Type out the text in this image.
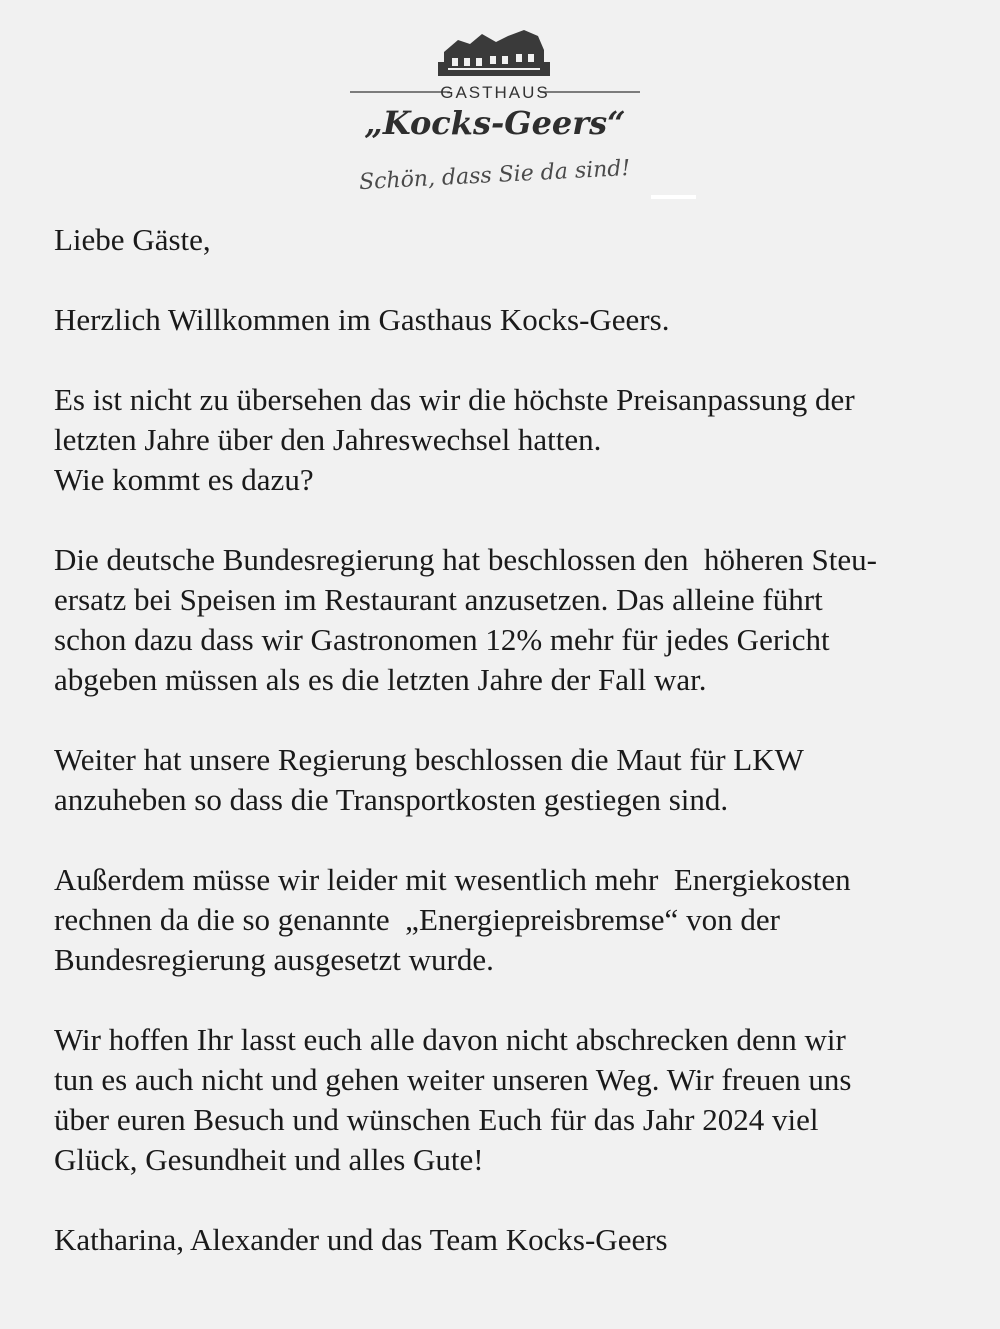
GASTHAUS
„Kocks-Geers“
Schön, dass Sie da sind!

Liebe Gäste,

Herzlich Willkommen im Gasthaus Kocks-Geers.

Es ist nicht zu übersehen das wir die höchste Preisanpassung der
letzten Jahre über den Jahreswechsel hatten.
Wie kommt es dazu?

Die deutsche Bundesregierung hat beschlossen den  höheren Steu-
ersatz bei Speisen im Restaurant anzusetzen. Das alleine führt
schon dazu dass wir Gastronomen 12% mehr für jedes Gericht
abgeben müssen als es die letzten Jahre der Fall war.

Weiter hat unsere Regierung beschlossen die Maut für LKW
anzuheben so dass die Transportkosten gestiegen sind.

Außerdem müsse wir leider mit wesentlich mehr  Energiekosten
rechnen da die so genannte  „Energiepreisbremse“ von der
Bundesregierung ausgesetzt wurde.

Wir hoffen Ihr lasst euch alle davon nicht abschrecken denn wir
tun es auch nicht und gehen weiter unseren Weg. Wir freuen uns
über euren Besuch und wünschen Euch für das Jahr 2024 viel
Glück, Gesundheit und alles Gute!

Katharina, Alexander und das Team Kocks-Geers
